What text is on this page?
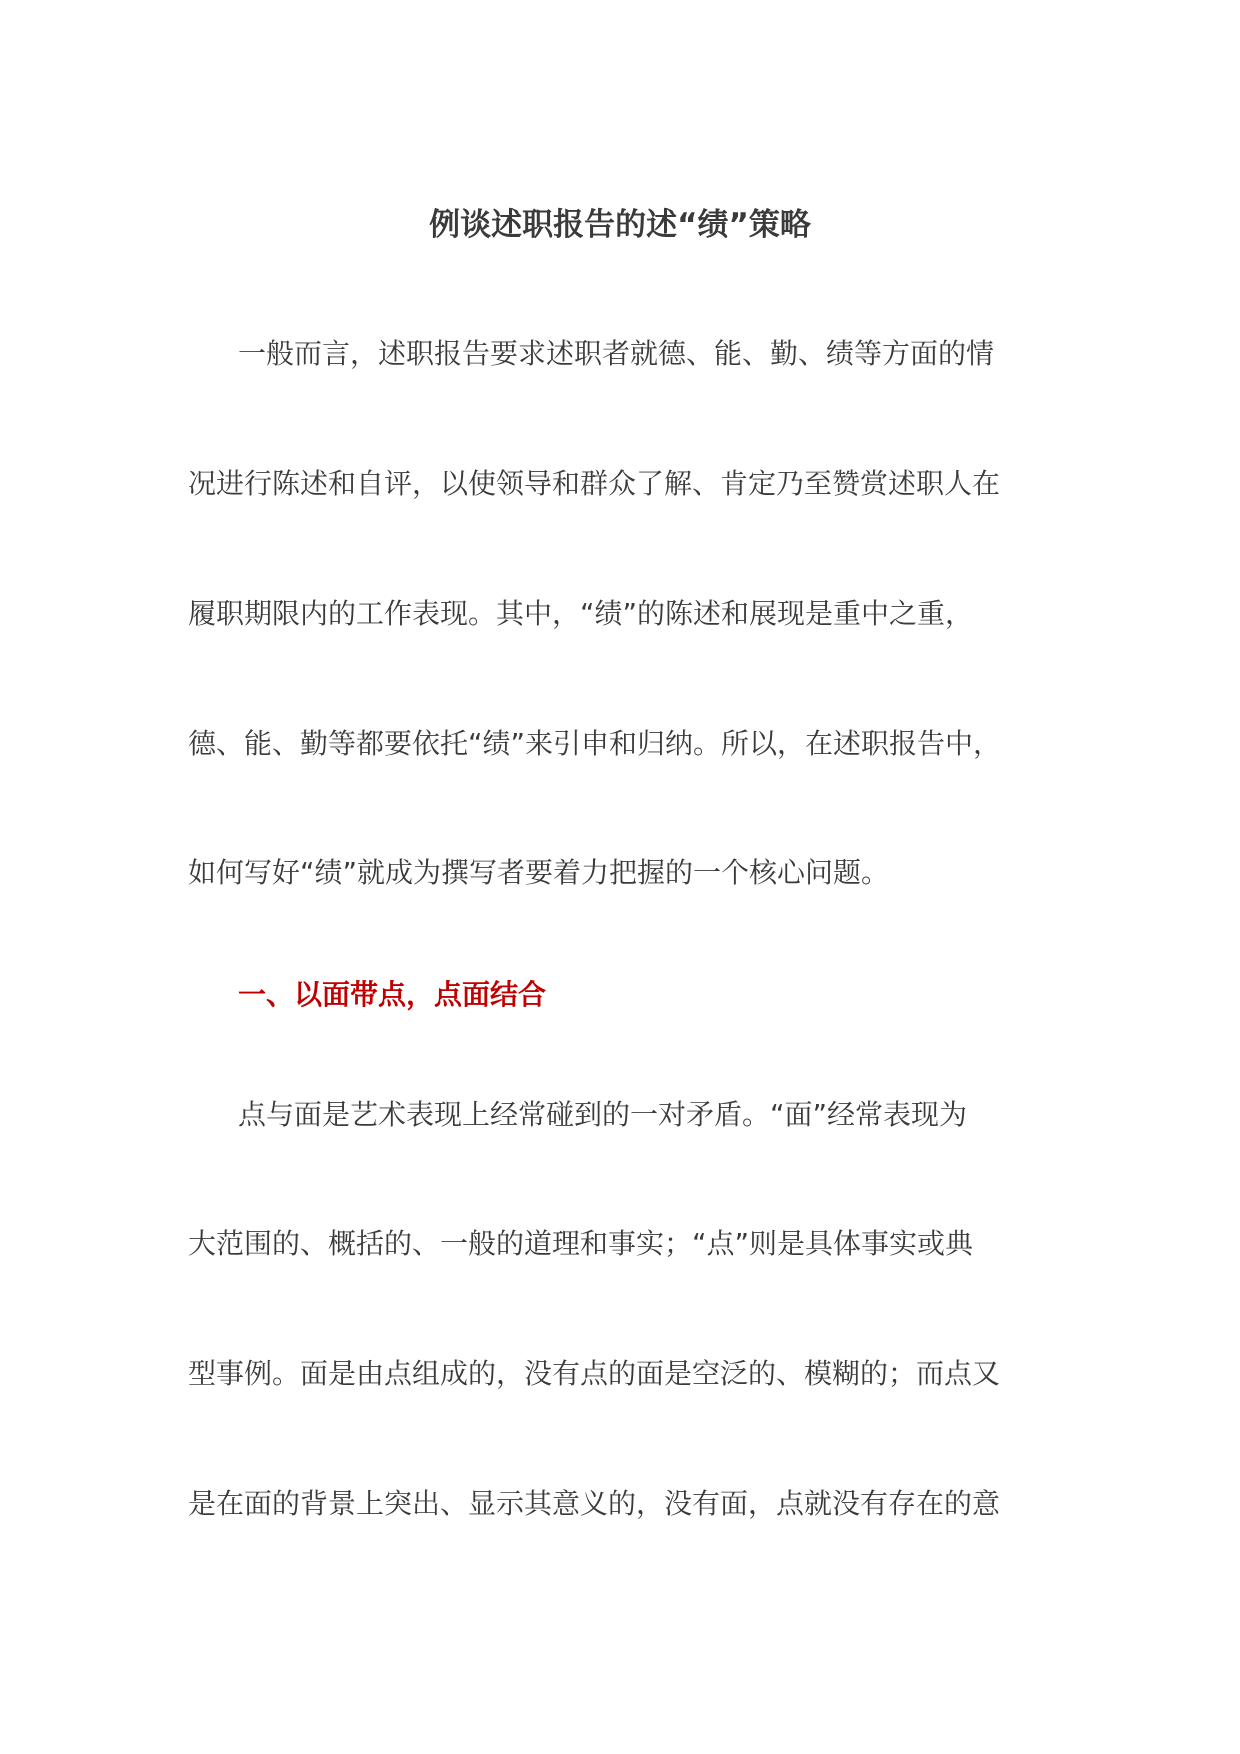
例谈述职报告的述“绩”策略

一般而言，述职报告要求述职者就德、能、勤、绩等方面的情

况进行陈述和自评，以使领导和群众了解、肯定乃至赞赏述职人在

履职期限内的工作表现。其中，“绩”的陈述和展现是重中之重，

德、能、勤等都要依托“绩”来引申和归纳。所以，在述职报告中，

如何写好“绩”就成为撰写者要着力把握的一个核心问题。

一、以面带点，点面结合

点与面是艺术表现上经常碰到的一对矛盾。“面”经常表现为

大范围的、概括的、一般的道理和事实；“点”则是具体事实或典

型事例。面是由点组成的，没有点的面是空泛的、模糊的；而点又

是在面的背景上突出、显示其意义的，没有面，点就没有存在的意
